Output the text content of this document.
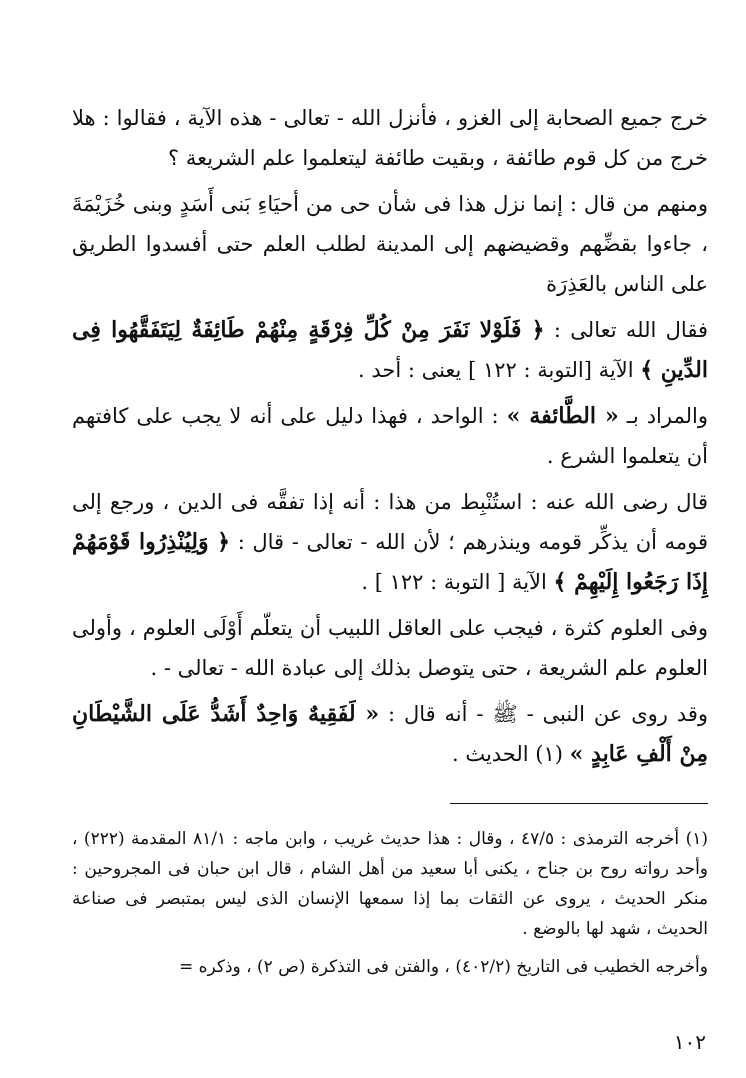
خرج جميع الصحابة إلى الغزو ، فأنزل الله - تعالى - هذه الآية ، فقالوا : هلا خرج من كل قوم طائفة ، وبقيت طائفة ليتعلموا علم الشريعة ؟

ومنهم من قال : إنما نزل هذا فى شأن حى من أحيَاءِ بَنى أَسَدٍ وبنى خُزَيْمَةَ ، جاءوا بقضِّهم وقضيضهم إلى المدينة لطلب العلم حتى أفسدوا الطريق على الناس بالعَذِرَة

فقال الله تعالى : ﴿ فَلَوْلا نَفَرَ مِنْ كُلِّ فِرْقَةٍ مِنْهُمْ طَائِفَةٌ لِيَتَفَقَّهُوا فِى الدِّينِ ﴾ الآية [التوبة : ١٢٢ ] يعنى : أحد .

والمراد بـ « الطَّائفة » : الواحد ، فهذا دليل على أنه لا يجب على كافتهم أن يتعلموا الشرع .

قال رضى الله عنه : استُنْبِط من هذا : أنه إذا تفقَّه فى الدين ، ورجع إلى قومه أن يذكِّر قومه وينذرهم ؛ لأن الله - تعالى - قال : ﴿ وَلِيُنْذِرُوا قَوْمَهُمْ إِذَا رَجَعُوا إِلَيْهِمْ ﴾ الآية [ التوبة : ١٢٢ ] .

وفى العلوم كثرة ، فيجب على العاقل اللبيب أن يتعلّم أَوْلَى العلوم ، وأولى العلوم علم الشريعة ، حتى يتوصل بذلك إلى عبادة الله - تعالى - .

وقد روى عن النبى - ﷺ - أنه قال : « لَفَقِيهٌ وَاحِدٌ أَشَدُّ عَلَى الشَّيْطَانِ مِنْ أَلْفِ عَابِدٍ » (١) الحديث .

(١) أخرجه الترمذى : ٤٧/٥ ، وقال : هذا حديث غريب ، وابن ماجه : ٨١/١ المقدمة (٢٢٢) ، وأحد رواته روح بن جناح ، يكنى أبا سعيد من أهل الشام ، قال ابن حبان فى المجروحين : منكر الحديث ، يروى عن الثقات بما إذا سمعها الإنسان الذى ليس بمتبصر فى صناعة الحديث ، شهد لها بالوضع .

وأخرجه الخطيب فى التاريخ (٤٠٢/٢) ، والفتن فى التذكرة (ص ٢) ، وذكره =

١٠٢
